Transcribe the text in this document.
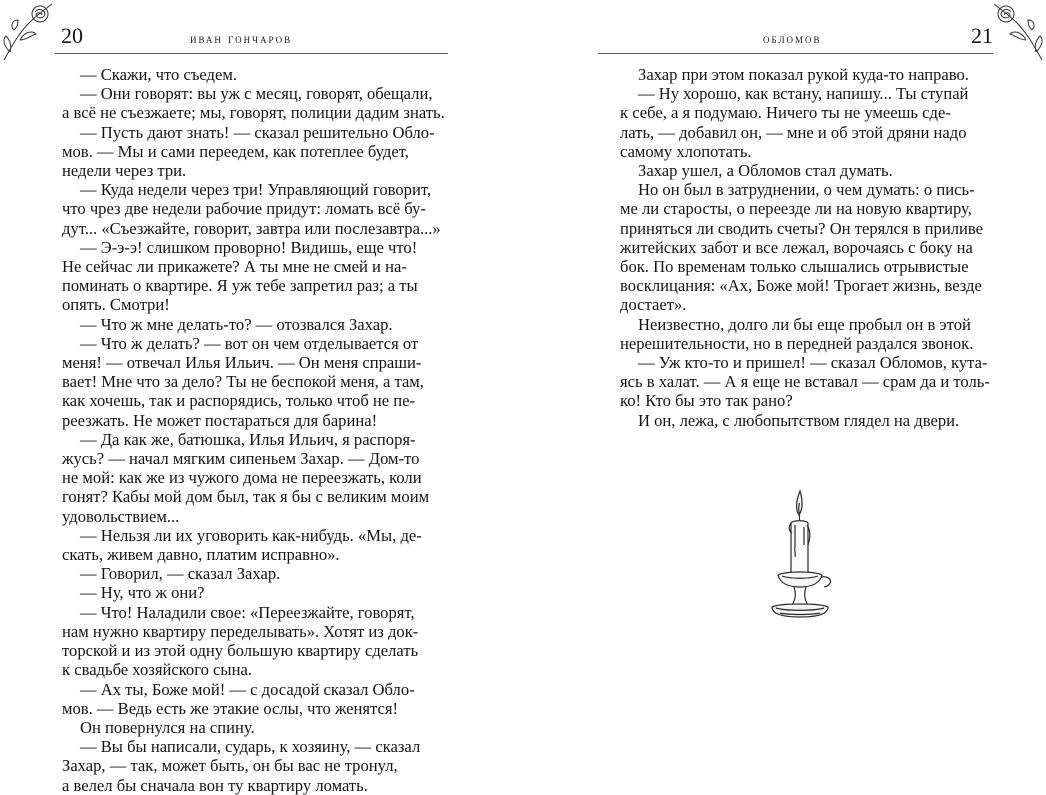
20	иван гончаров

— Скажи, что съедем.

— Они говорят: вы уж с месяц, говорят, обещали,

а всё не съезжаете; мы, говорят, полиции дадим знать.

— Пусть дают знать! — сказал решительно Обло-

мов. — Мы и сами переедем, как потеплее будет,

недели через три.

— Куда недели через три! Управляющий говорит,

что чрез две недели рабочие придут: ломать всё бу-

дут... «Съезжайте, говорит, завтра или послезавтра...»

— Э-э-э! слишком проворно! Видишь, еще что!

Не сейчас ли прикажете? А ты мне не смей и на-

поминать о квартире. Я уж тебе запретил раз; а ты

опять. Смотри!

— Что ж мне делать-то? — отозвался Захар.

— Что ж делать? — вот он чем отделывается от

меня! — отвечал Илья Ильич. — Он меня спраши-

вает! Мне что за дело? Ты не беспокой меня, а там,

как хочешь, так и распорядись, только чтоб не пе-

реезжать. Не может постараться для барина!

— Да как же, батюшка, Илья Ильич, я распоря-

жусь? — начал мягким сипеньем Захар. — Дом-то

не мой: как же из чужого дома не переезжать, коли

гонят? Кабы мой дом был, так я бы с великим моим

удовольствием...

— Нельзя ли их уговорить как-нибудь. «Мы, де-

скать, живем давно, платим исправно».

— Говорил, — сказал Захар.

— Ну, что ж они?

— Что! Наладили свое: «Переезжайте, говорят,

нам нужно квартиру переделывать». Хотят из док-

торской и из этой одну большую квартиру сделать

к свадьбе хозяйского сына.

— Ах ты, Боже мой! — с досадой сказал Обло-

мов. — Ведь есть же этакие ослы, что женятся!

Он повернулся на спину.

— Вы бы написали, сударь, к хозяину, — сказал

Захар, — так, может быть, он бы вас не тронул,

а велел бы сначала вон ту квартиру ломать.

обломов	21

Захар при этом показал рукой куда-то направо.

— Ну хорошо, как встану, напишу... Ты ступай

к себе, а я подумаю. Ничего ты не умеешь сде-

лать, — добавил он, — мне и об этой дряни надо

самому хлопотать.

Захар ушел, а Обломов стал думать.

Но он был в затруднении, о чем думать: о пись-

ме ли старосты, о переезде ли на новую квартиру,

приняться ли сводить счеты? Он терялся в приливе

житейских забот и все лежал, ворочаясь с боку на

бок. По временам только слышались отрывистые

восклицания: «Ах, Боже мой! Трогает жизнь, везде

достает».

Неизвестно, долго ли бы еще пробыл он в этой

нерешительности, но в передней раздался звонок.

— Уж кто-то и пришел! — сказал Обломов, кута-

ясь в халат. — А я еще не вставал — срам да и толь-

ко! Кто бы это так рано?

И он, лежа, с любопытством глядел на двери.
